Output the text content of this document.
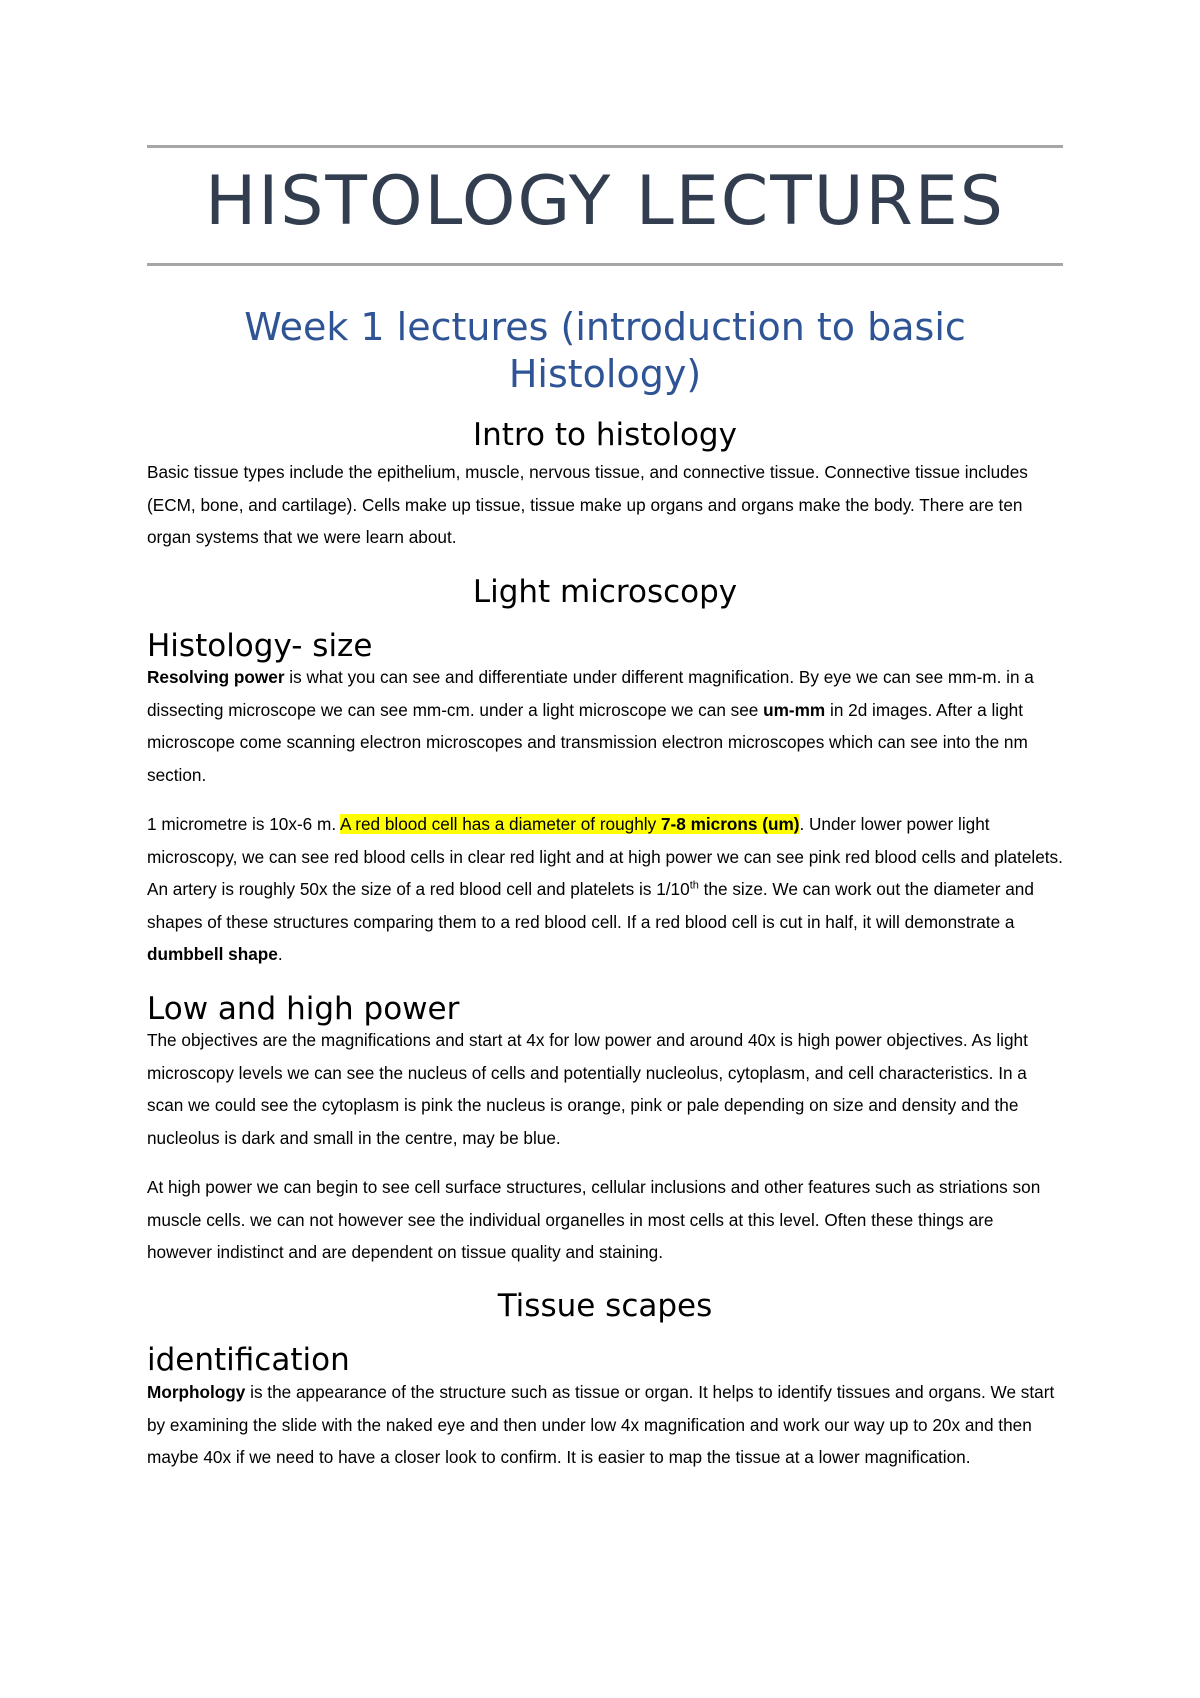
HISTOLOGY LECTURES
Week 1 lectures (introduction to basic Histology)
Intro to histology
Basic tissue types include the epithelium, muscle, nervous tissue, and connective tissue. Connective tissue includes (ECM, bone, and cartilage). Cells make up tissue, tissue make up organs and organs make the body. There are ten organ systems that we were learn about.
Light microscopy
Histology- size
Resolving power is what you can see and differentiate under different magnification. By eye we can see mm-m. in a dissecting microscope we can see mm-cm. under a light microscope we can see um-mm in 2d images. After a light microscope come scanning electron microscopes and transmission electron microscopes which can see into the nm section.
1 micrometre is 10x-6 m. A red blood cell has a diameter of roughly 7-8 microns (um). Under lower power light microscopy, we can see red blood cells in clear red light and at high power we can see pink red blood cells and platelets. An artery is roughly 50x the size of a red blood cell and platelets is 1/10th the size. We can work out the diameter and shapes of these structures comparing them to a red blood cell. If a red blood cell is cut in half, it will demonstrate a dumbbell shape.
Low and high power
The objectives are the magnifications and start at 4x for low power and around 40x is high power objectives. As light microscopy levels we can see the nucleus of cells and potentially nucleolus, cytoplasm, and cell characteristics. In a scan we could see the cytoplasm is pink the nucleus is orange, pink or pale depending on size and density and the nucleolus is dark and small in the centre, may be blue.
At high power we can begin to see cell surface structures, cellular inclusions and other features such as striations son muscle cells. we can not however see the individual organelles in most cells at this level. Often these things are however indistinct and are dependent on tissue quality and staining.
Tissue scapes
identification
Morphology is the appearance of the structure such as tissue or organ. It helps to identify tissues and organs. We start by examining the slide with the naked eye and then under low 4x magnification and work our way up to 20x and then maybe 40x if we need to have a closer look to confirm. It is easier to map the tissue at a lower magnification.
